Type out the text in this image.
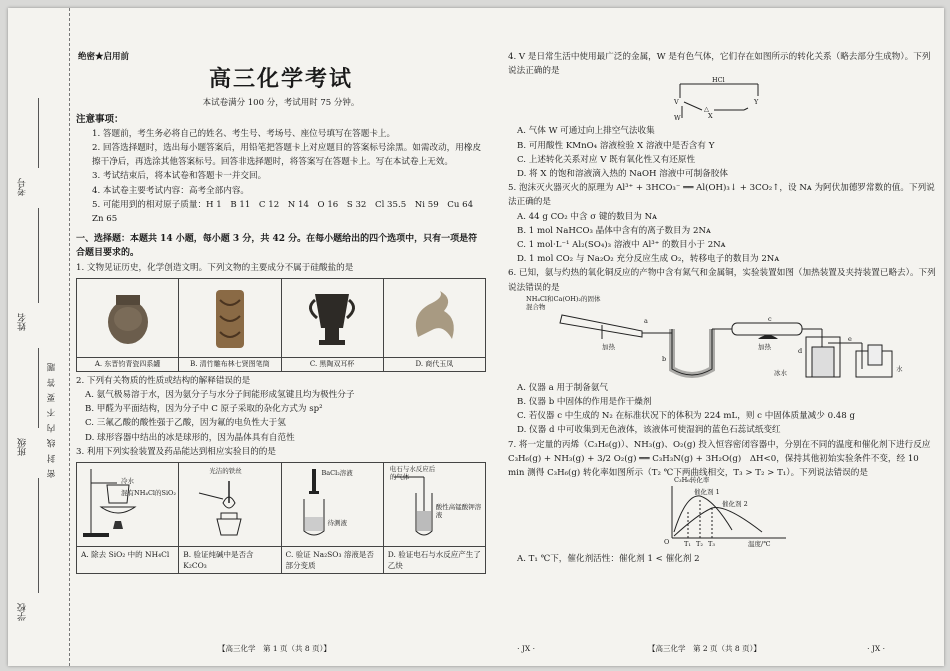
考号
姓名
班级
学校
密 封 线 内 不 要 答 题
绝密★启用前
高三化学考试
本试卷满分 100 分，考试用时 75 分钟。
注意事项：
1. 答题前，考生务必将自己的姓名、考生号、考场号、座位号填写在答题卡上。
2. 回答选择题时，选出每小题答案后，用铅笔把答题卡上对应题目的答案标号涂黑。如需改动，用橡皮擦干净后，再选涂其他答案标号。回答非选择题时，将答案写在答题卡上。写在本试卷上无效。
3. 考试结束后，将本试卷和答题卡一并交回。
4. 本试卷主要考试内容：高考全部内容。
5. 可能用到的相对原子质量：H 1　B 11　C 12　N 14　O 16　S 32　Cl 35.5　Ni 59　Cu 64　Zn 65
一、选择题：本题共 14 小题，每小题 3 分，共 42 分。在每小题给出的四个选项中，只有一项是符合题目要求的。
1. 文物见证历史，化学创造文明。下列文物的主要成分不属于硅酸盐的是
A. 东晋钧青瓷四系罐	B. 清竹雕布林七贤图笔筒	C. 黑陶双耳杯	D. 商代玉凤
2. 下列有关物质的性质或结构的解释错误的是
A. 氨气极易溶于水，因为氨分子与水分子间能形成氢键且均为极性分子
B. 甲醛为平面结构，因为分子中 C 原子采取的杂化方式为 sp²
C. 三氟乙酸的酸性强于乙酸，因为氟的电负性大于氢
D. 球形容器中结出的冰是球形的，因为晶体具有自范性
3. 利用下列实验装置及药品能达到相应实验目的的是
冷水
混有NH₄Cl的SiO₂
A. 除去 SiO₂ 中的 NH₄Cl
光洁的铁丝
B. 验证纯碱中是否含 K₂CO₃
BaCl₂溶液
待测液
C. 验证 Na₂SO₃ 溶液是否部分变质
电石与水反应后的气体
酸性高锰酸钾溶液
D. 验证电石与水反应产生了乙炔
【高三化学　第 1 页（共 8 页）】	· JX ·
4. V 是日常生活中使用最广泛的金属，W 是有色气体，它们存在如图所示的转化关系（略去部分生成物）。下列说法正确的是
HCl
V
W
△
X
Y
A. 气体 W 可通过向上排空气法收集
B. 可用酸性 KMnO₄ 溶液检验 X 溶液中是否含有 Y
C. 上述转化关系对应 V 既有氧化性又有还原性
D. 将 X 的饱和溶液滴入热的 NaOH 溶液中可制备胶体
5. 泡沫灭火器灭火的原理为 Al³⁺ + 3HCO₃⁻ ══ Al(OH)₃↓ + 3CO₂↑，设 Nᴀ 为阿伏加德罗常数的值。下列说法正确的是
A. 44 g CO₂ 中含 σ 键的数目为 Nᴀ
B. 1 mol NaHCO₃ 晶体中含有的离子数目为 2Nᴀ
C. 1 mol·L⁻¹ Al₂(SO₄)₃ 溶液中 Al³⁺ 的数目小于 2Nᴀ
D. 1 mol CO₂ 与 Na₂O₂ 充分反应生成 O₂，转移电子的数目为 2Nᴀ
6. 已知，氨与灼热的氧化铜反应的产物中含有氮气和金属铜，实验装置如图（加热装置及夹持装置已略去）。下列说法错误的是
NH₄Cl和Ca(OH)₂的固体混合物
a
加热
b
c
加热	d
e
冰水	水
A. 仪器 a 用于制备氨气
B. 仪器 b 中固体的作用是作干燥剂
C. 若仪器 c 中生成的 N₂ 在标准状况下的体积为 224 mL，则 c 中固体质量减少 0.48 g
D. 仪器 d 中可收集到无色液体，该液体可使湿润的蓝色石蕊试纸变红
7. 将一定量的丙烯（C₃H₆(g)）、NH₃(g)、O₂(g) 投入恒容密闭容器中，分别在不同的温度和催化剂下进行反应 C₃H₆(g) + NH₃(g) + 3/2 O₂(g) ══ C₃H₃N(g) + 3H₂O(g)　ΔH<0，保持其他初始实验条件不变，经 10 min 测得 C₃H₆(g) 转化率如图所示（T₂ ℃下两曲线相交，T₃ > T₂ > T₁）。下列说法错误的是
C₃H₆转化率
催化剂 1
催化剂 2
T₁ T₂ T₃	温度/℃
O
A. T₁ ℃下，催化剂活性：催化剂 1 < 催化剂 2
【高三化学　第 2 页（共 8 页）】	· JX ·
